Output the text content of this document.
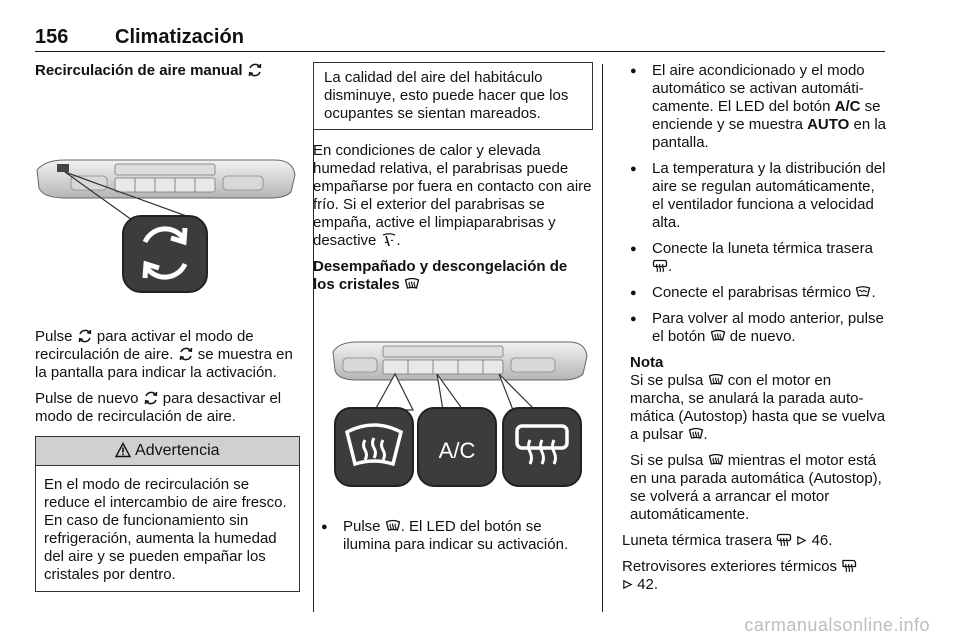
156 Climatización
Recirculación de aire manual

Pulse  para activar el modo de recirculación de aire.  se muestra en la pantalla para indicar la activación.

Pulse de nuevo  para desactivar el modo de recirculación de aire.

Advertencia
En el modo de recirculación se reduce el intercambio de aire fresco. En caso de funcionamiento sin refrigeración, aumenta la humedad del aire y se pueden empañar los cristales por dentro.
La calidad del aire del habitáculo disminuye, esto puede hacer que los ocupantes se sientan mareados.

En condiciones de calor y elevada humedad relativa, el parabrisas puede empañarse por fuera en contacto con aire frío. Si el exterior del parabrisas se empaña, active el limpiaparabrisas y desactive .

Desempañado y descongelación de los cristales
A/C
● Pulse . El LED del botón se ilumina para indicar su activación.
● El aire acondicionado y el modo automático se activan automáticamente. El LED del botón A/C se enciende y se muestra AUTO en la pantalla.
● La temperatura y la distribución del aire se regulan automáticamente, el ventilador funciona a velocidad alta.
● Conecte la luneta térmica trasera .
● Conecte el parabrisas térmico .
● Para volver al modo anterior, pulse el botón  de nuevo.
Nota

Si se pulsa  con el motor en marcha, se anulará la parada automática (Autostop) hasta que se vuelva a pulsar .

Si se pulsa  mientras el motor está en una parada automática (Autostop), se volverá a arrancar el motor automáticamente.

Luneta térmica trasera   46.

Retrovisores exteriores térmicos
42.

carmanualsonline.info
